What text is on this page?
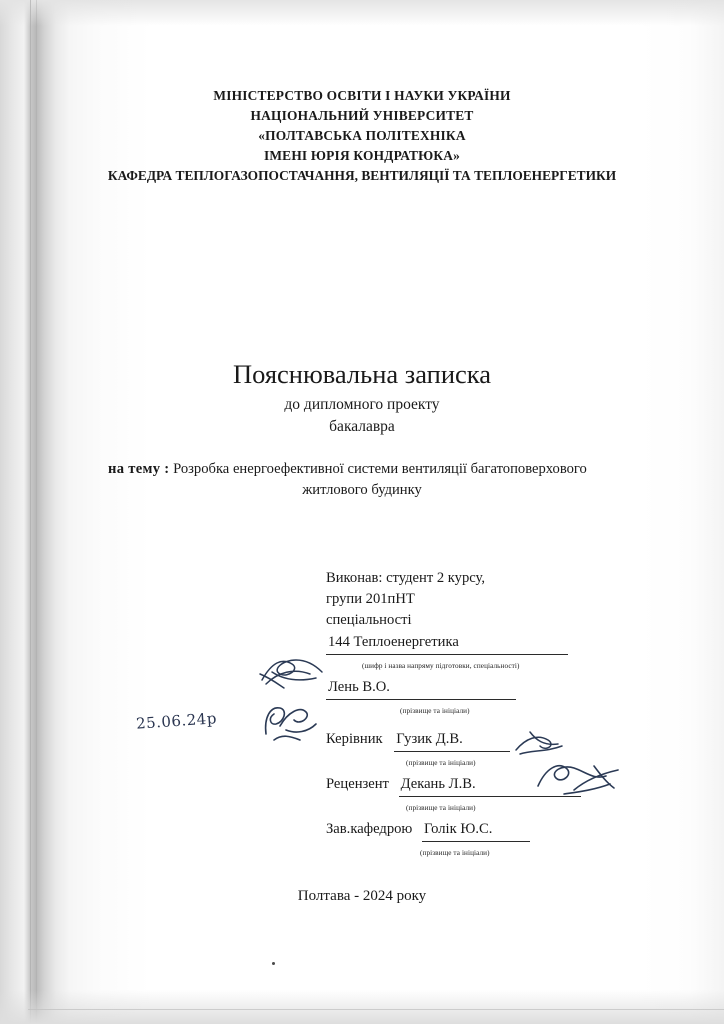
МІНІСТЕРСТВО ОСВІТИ І НАУКИ УКРАЇНИ
НАЦІОНАЛЬНИЙ УНІВЕРСИТЕТ
«ПОЛТАВСЬКА ПОЛІТЕХНІКА
ІМЕНІ ЮРІЯ КОНДРАТЮКА»
КАФЕДРА ТЕПЛОГАЗОПОСТАЧАННЯ, ВЕНТИЛЯЦІЇ ТА ТЕПЛОЕНЕРГЕТИКИ
Пояснювальна записка
до дипломного проекту
бакалавра
на тему : Розробка енергоефективної системи вентиляції багатоповерхового
житлового будинку
Виконав: студент 2 курсу,
групи 201пНТ
спеціальності
144 Теплоенергетика
(шифр і назва напряму підготовки, спеціальності)
Лень В.О.
(прізвище та ініціали)
Керівник Гузик Д.В.
(прізвище та ініціали)
Рецензент Декань Л.В.
(прізвище та ініціали)
Зав.кафедрою Голік Ю.С.
(прізвище та ініціали)
Полтава - 2024 року
25.06.24р
